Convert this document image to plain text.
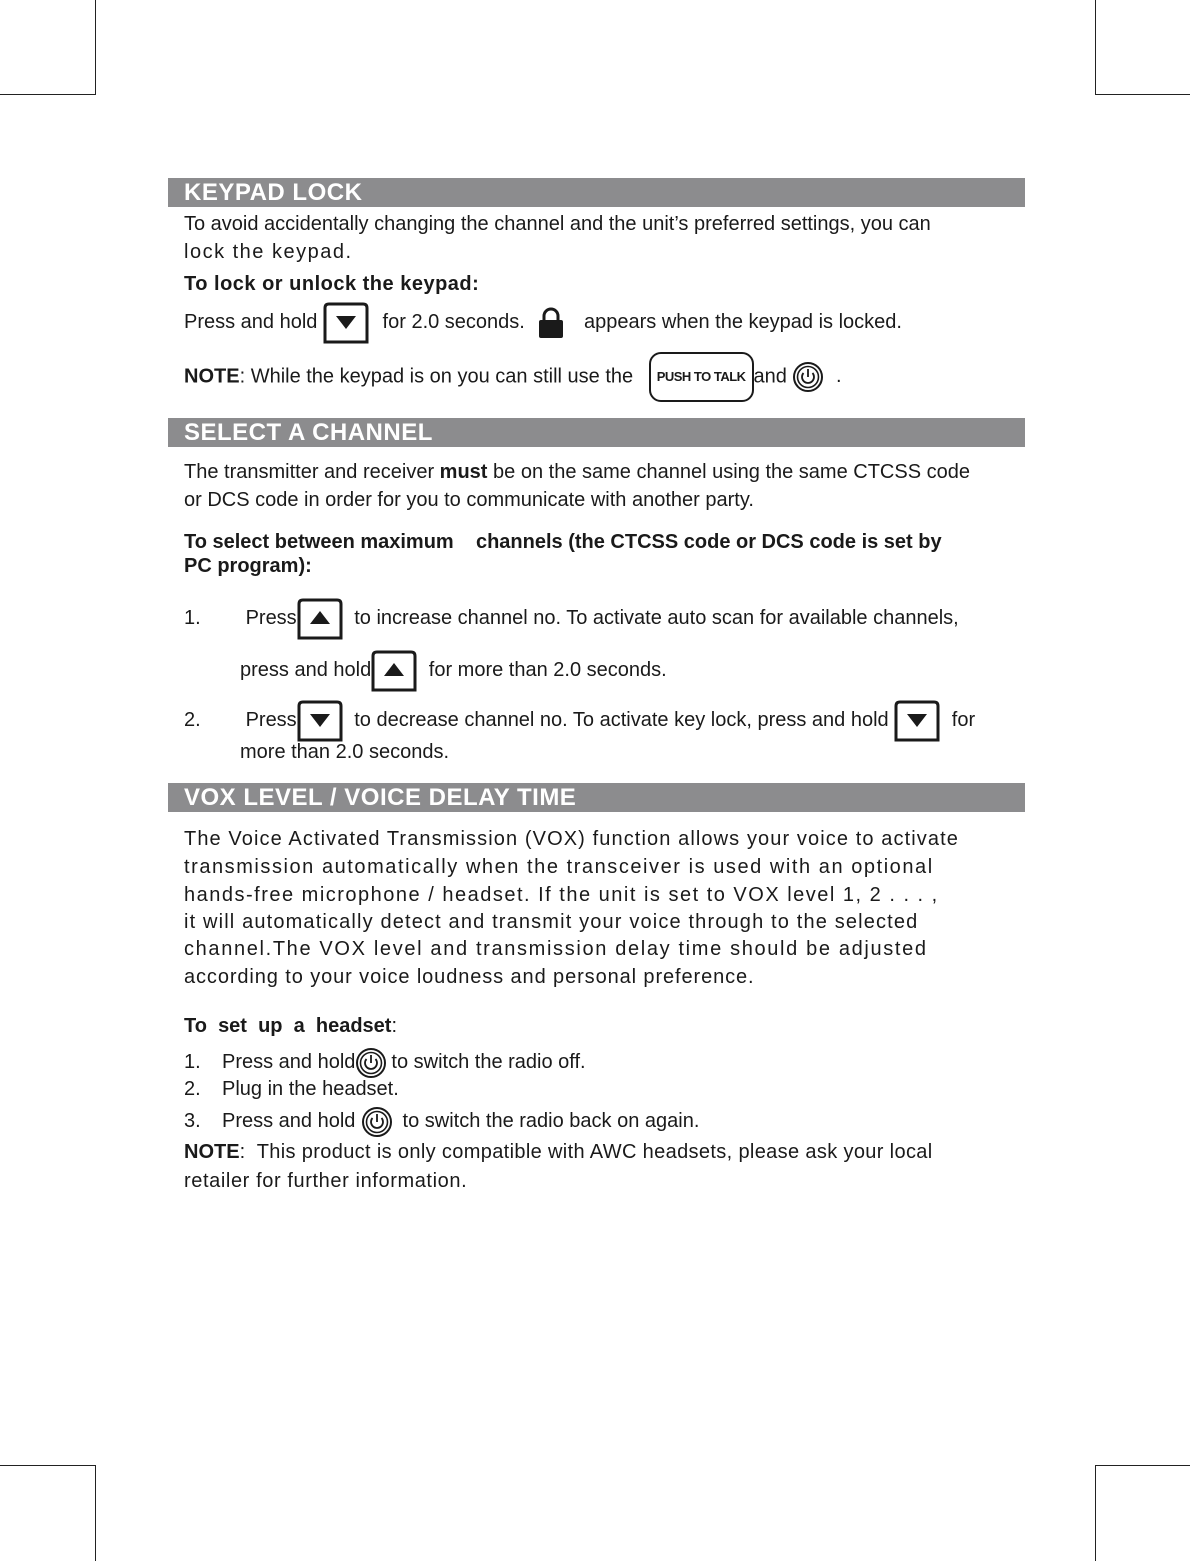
KEYPAD LOCK
To avoid accidentally changing the channel and the unit’s preferred settings, you can
lock the keypad.
To lock or unlock the keypad:
Press and hold	for 2.0 seconds.	appears when the keypad is locked.
NOTE: While the keypad is on you can still use the PUSH TO TALK and .
SELECT A CHANNEL
The transmitter and receiver must be on the same channel using the same CTCSS code
or DCS code in order for you to communicate with another party.
To select between maximum    channels (the CTCSS code or DCS code is set by
PC program):
1. Press	to increase channel no. To activate auto scan for available channels,
press and hold	for more than 2.0 seconds.
2. Press	to decrease channel no. To activate key lock, press and hold	for
more than 2.0 seconds.
VOX LEVEL / VOICE DELAY TIME
The Voice Activated Transmission (VOX) function allows your voice to activate
transmission automatically when the transceiver is used with an optional
hands-free microphone / headset. If the unit is set to VOX level 1, 2 . . . ,
it will automatically detect and transmit your voice through to the selected
channel.The VOX level and transmission delay time should be adjusted
according to your voice loudness and personal preference.
To  set  up  a  headset:
1. Press and hold to switch the radio off.
2. Plug in the headset.
3. Press and hold to switch the radio back on again.
NOTE: This product is only compatible with AWC headsets, please ask your local
retailer for further information.
